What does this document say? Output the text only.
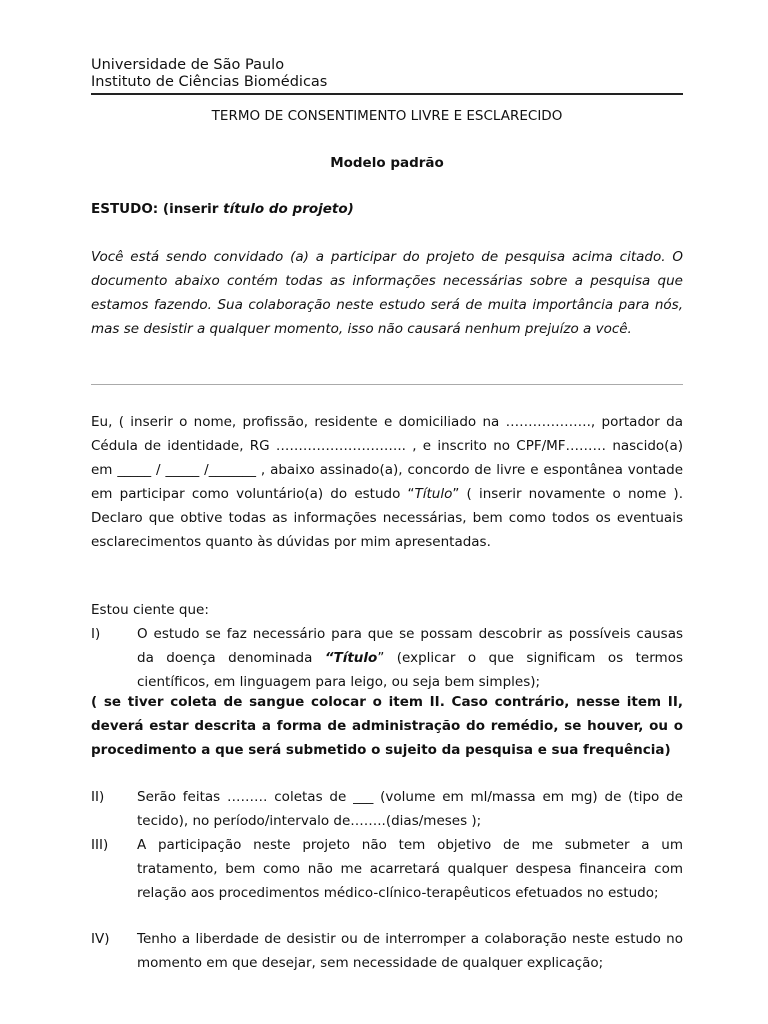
Universidade de São Paulo
Instituto de Ciências Biomédicas
TERMO DE CONSENTIMENTO LIVRE E ESCLARECIDO
Modelo padrão
ESTUDO: (inserir título do projeto)
Você está sendo convidado (a) a participar do projeto de pesquisa acima citado. O documento abaixo contém todas as informações necessárias sobre a pesquisa que estamos fazendo. Sua colaboração neste estudo será de muita importância para nós, mas se desistir a qualquer momento, isso não causará nenhum prejuízo a você.
Eu, ( inserir o nome, profissão, residente e domiciliado na ………………., portador da Cédula de identidade, RG ……………………….. , e inscrito no CPF/MF……… nascido(a) em _____ / _____ /_______ , abaixo assinado(a), concordo de livre e espontânea vontade em participar como voluntário(a) do estudo “Título” ( inserir novamente o nome ). Declaro que obtive todas as informações necessárias, bem como todos os eventuais esclarecimentos quanto às dúvidas por mim apresentadas.
Estou ciente que:
I)	O estudo se faz necessário para que se possam descobrir as possíveis causas da doença denominada “Título” (explicar o que significam os termos científicos, em linguagem para leigo, ou seja bem simples);
( se tiver coleta de sangue colocar o item II. Caso contrário, nesse item II, deverá estar descrita a forma de administração do remédio, se houver, ou o procedimento a que será submetido o sujeito da pesquisa e sua frequência)
II)	Serão feitas ……… coletas de ___ (volume em ml/massa em mg) de (tipo de tecido), no período/intervalo de……..(dias/meses );
III)	A participação neste projeto não tem objetivo de me submeter a um tratamento, bem como não me acarretará qualquer despesa financeira com relação aos procedimentos médico-clínico-terapêuticos efetuados no estudo;
IV)	Tenho a liberdade de desistir ou de interromper a colaboração neste estudo no momento em que desejar, sem necessidade de qualquer explicação;
